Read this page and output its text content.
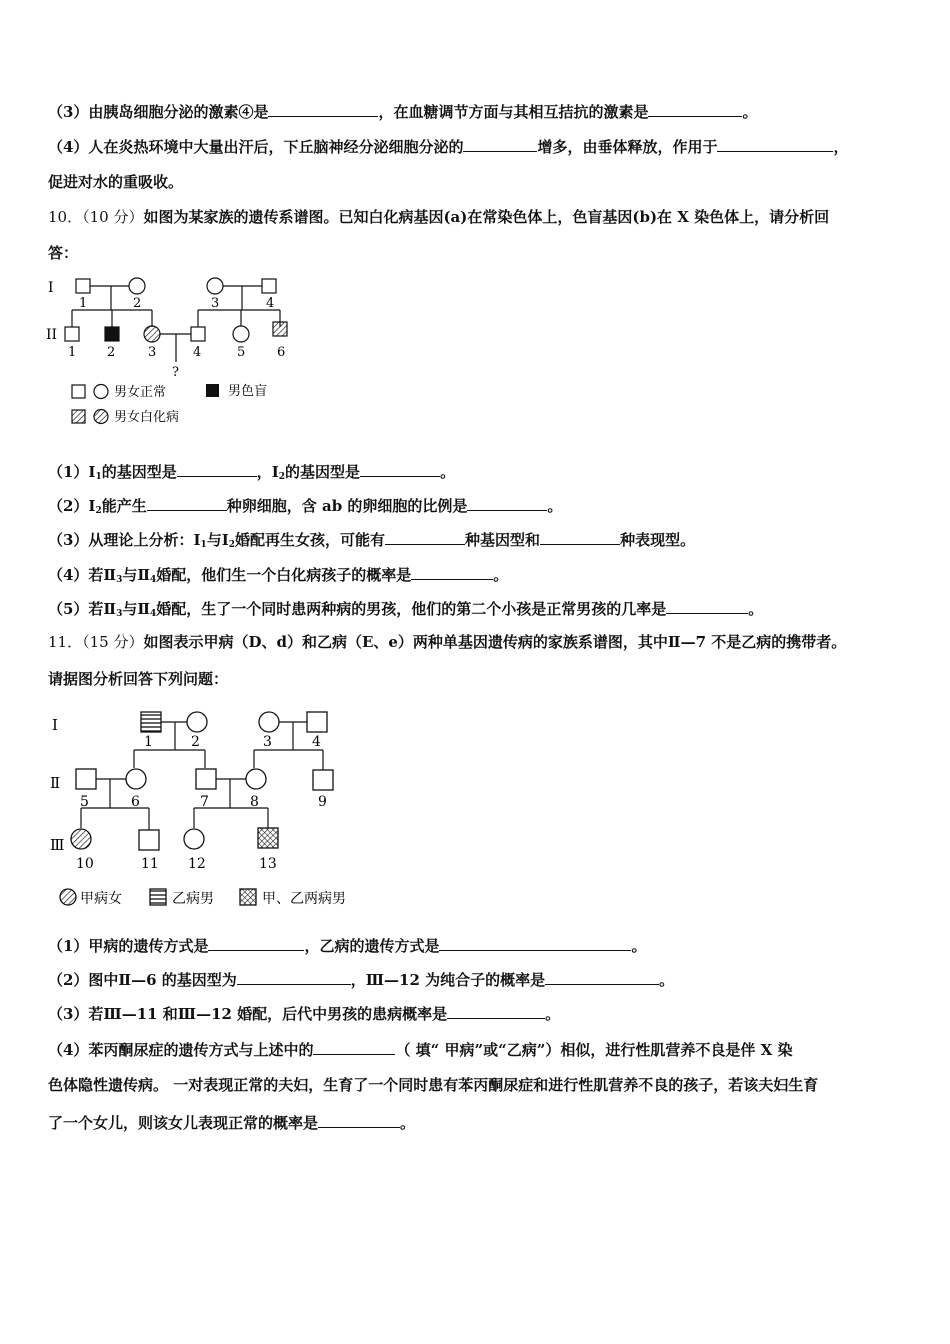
（3）由胰岛细胞分泌的激素④是	，在血糖调节方面与其相互拮抗的激素是	。
（4）人在炎热环境中大量出汗后，下丘脑神经分泌细胞分泌的	增多，由垂体释放，作用于	，
促进对水的重吸收。
10．（10 分）如图为某家族的遗传系谱图。已知白化病基因(a)在常染色体上，色盲基因(b)在 X 染色体上，请分析回
答：
I
II
1	2	3	4
1 2	3	4	5 6
?
男女正常	男色盲
男女白化病
$(1)Ⅰ_1$的基因型是	，$Ⅰ_2$的基因型是	。
$(2)Ⅰ_2$能产生	种卵细胞，含 ab 的卵细胞的比例是	。
（3）从理论上分析：$Ⅰ_1$与$Ⅰ_2$婚配再生女孩，可能有	种基因型和	种表现型。
（4）若$Ⅱ_3$与$Ⅱ_4$婚配，他们生一个白化病孩子的概率是	。
（5）若$Ⅱ_3$与$Ⅱ_4$婚配，生了一个同时患两种病的男孩，他们的第二个小孩是正常男孩的几率是	。
11．（15 分）如图表示甲病（D、d）和乙病（E、e）两种单基因遗传病的家族系谱图，其中Ⅱ—7 不是乙病的携带者。
请据图分析回答下列问题：
Ⅰ
Ⅱ
Ⅲ
1	2	3	4
5	6	7	8	9
10	11 12	13
甲病女	乙病男	甲、乙两病男
（1）甲病的遗传方式是	，乙病的遗传方式是	。
（2）图中Ⅱ—6 的基因型为	，Ⅲ—12 为纯合子的概率是	。
（3）若Ⅲ—11 和Ⅲ—12 婚配，后代中男孩的患病概率是	。
（4）苯丙酮尿症的遗传方式与上述中的	（ 填“ 甲病”或“乙病”）相似，进行性肌营养不良是伴 X 染
色体隐性遗传病。 一对表现正常的夫妇，生育了一个同时患有苯丙酮尿症和进行性肌营养不良的孩子，若该夫妇生育
了一个女儿，则该女儿表现正常的概率是	。
